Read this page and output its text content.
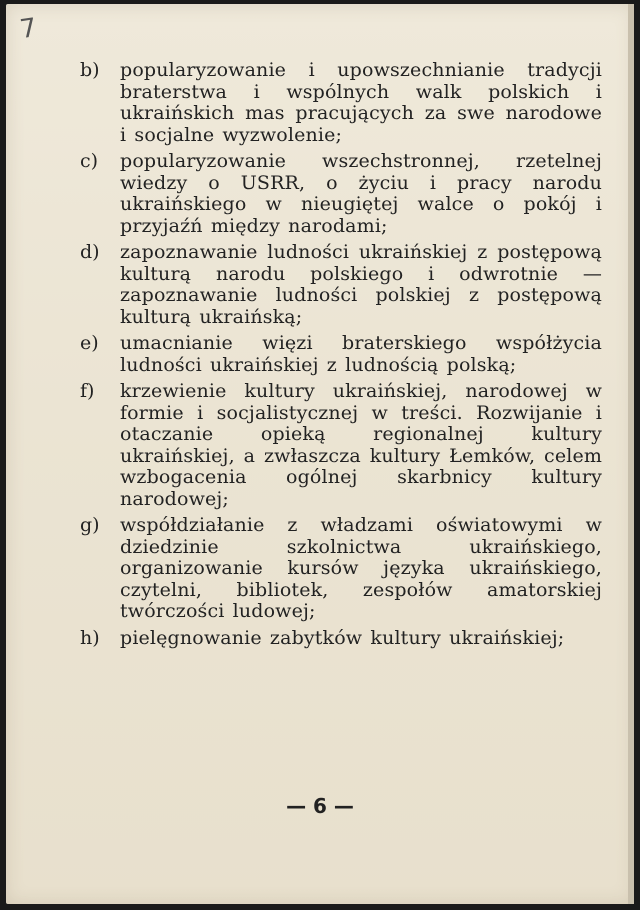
7
b)	popularyzowanie i upowszechnianie tradycji braterstwa i wspólnych walk polskich i ukraińskich mas pracujących za swe narodowe i socjalne wyzwolenie;
c)	popularyzowanie wszechstronnej, rzetelnej wiedzy o USRR, o życiu i pracy narodu ukraińskiego w nieugiętej walce o pokój i przyjaźń między narodami;
d)	zapoznawanie ludności ukraińskiej z postępową kulturą narodu polskiego i odwrotnie — zapoznawanie ludności polskiej z postępową kulturą ukraińską;
e)	umacnianie więzi braterskiego współżycia ludności ukraińskiej z ludnością polską;
f)	krzewienie kultury ukraińskiej, narodowej w formie i socjalistycznej w treści. Rozwijanie i otaczanie opieką regionalnej kultury ukraińskiej, a zwłaszcza kultury Łemków, celem wzbogacenia ogólnej skarbnicy kultury narodowej;
g)	współdziałanie z władzami oświatowymi w dziedzinie szkolnictwa ukraińskiego, organizowanie kursów języka ukraińskiego, czytelni, bibliotek, zespołów amatorskiej twórczości ludowej;
h)	pielęgnowanie zabytków kultury ukraińskiej;
— 6 —
